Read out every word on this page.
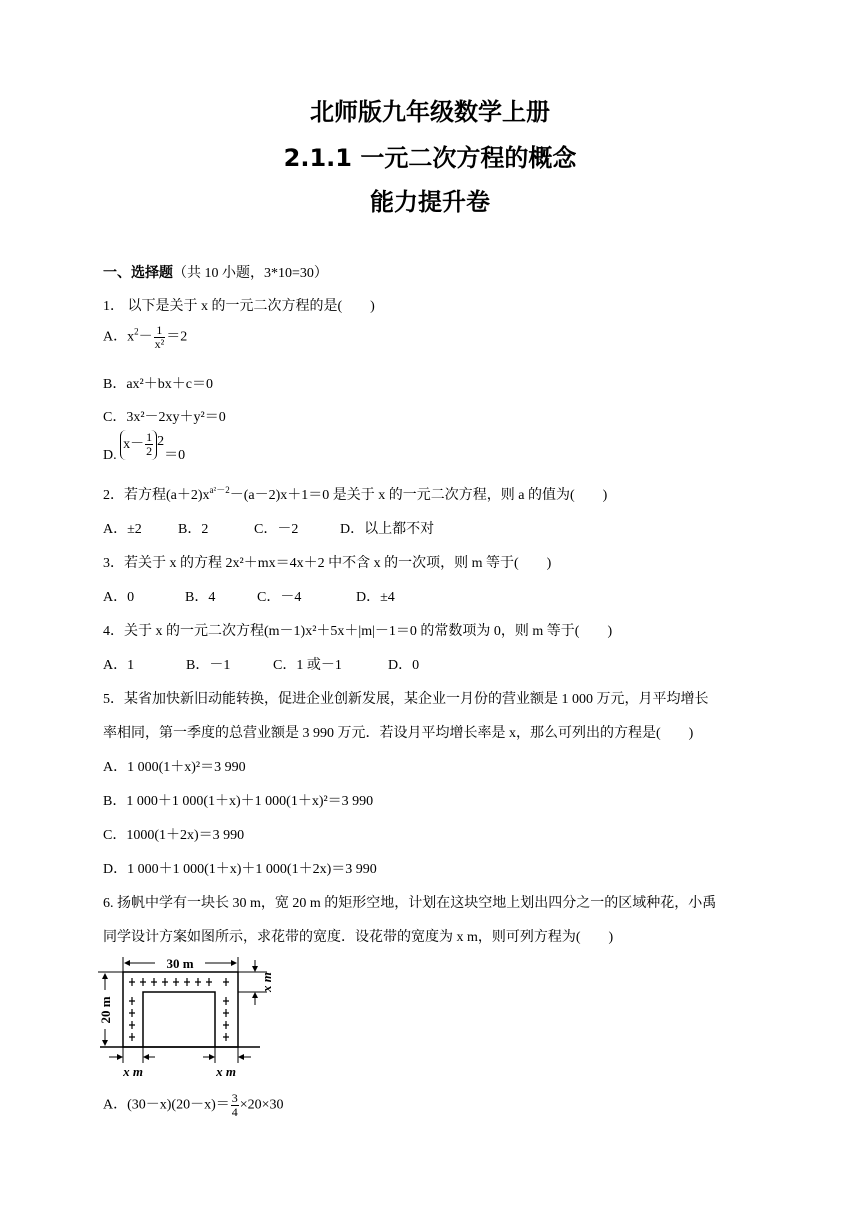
北师版九年级数学上册
2.1.1 一元二次方程的概念
能力提升卷
一、选择题（共 10 小题，3*10=30）
1． 以下是关于 x 的一元二次方程的是(　　)
A．$x^2- \frac{1}{\text{x²}} =2$
B．ax²＋bx＋c＝0
C．3x²－2xy＋y²＝0
D. $x- \frac{1}{2} 2=0$
2．若方程$(a+2)x^{a^2-2}-(a-2)x+1=0$ 是关于 x 的一元二次方程，则 a 的值为(　　)
A．±2	B．2	C．－2	D．以上都不对
3．若关于 x 的方程 2x²＋mx＝4x＋2 中不含 x 的一次项，则 m 等于(　　)
A．0	B．4	C．－4	D．±4
4．关于 x 的一元二次方程(m－1)x²＋5x＋|m|－1＝0 的常数项为 0，则 m 等于(　　)
A．1	B．－1	C．1 或－1	D．0
5．某省加快新旧动能转换，促进企业创新发展，某企业一月份的营业额是 1 000 万元，月平均增长
率相同，第一季度的总营业额是 3 990 万元．若设月平均增长率是 x，那么可列出的方程是(　　)
A．1 000(1＋x)²＝3 990
B．1 000＋1 000(1＋x)＋1 000(1＋x)²＝3 990
C．1000(1＋2x)＝3 990
D．1 000＋1 000(1＋x)＋1 000(1＋2x)＝3 990
6. 扬帆中学有一块长 30 m，宽 20 m 的矩形空地，计划在这块空地上划出四分之一的区域种花，小禹
同学设计方案如图所示，求花带的宽度．设花带的宽度为 x m，则可列方程为(　　)
30 m
20 m
x m
x m	x m
A．$(30-x)(20-x)= \frac{3}{4} \times 20\times 30$
